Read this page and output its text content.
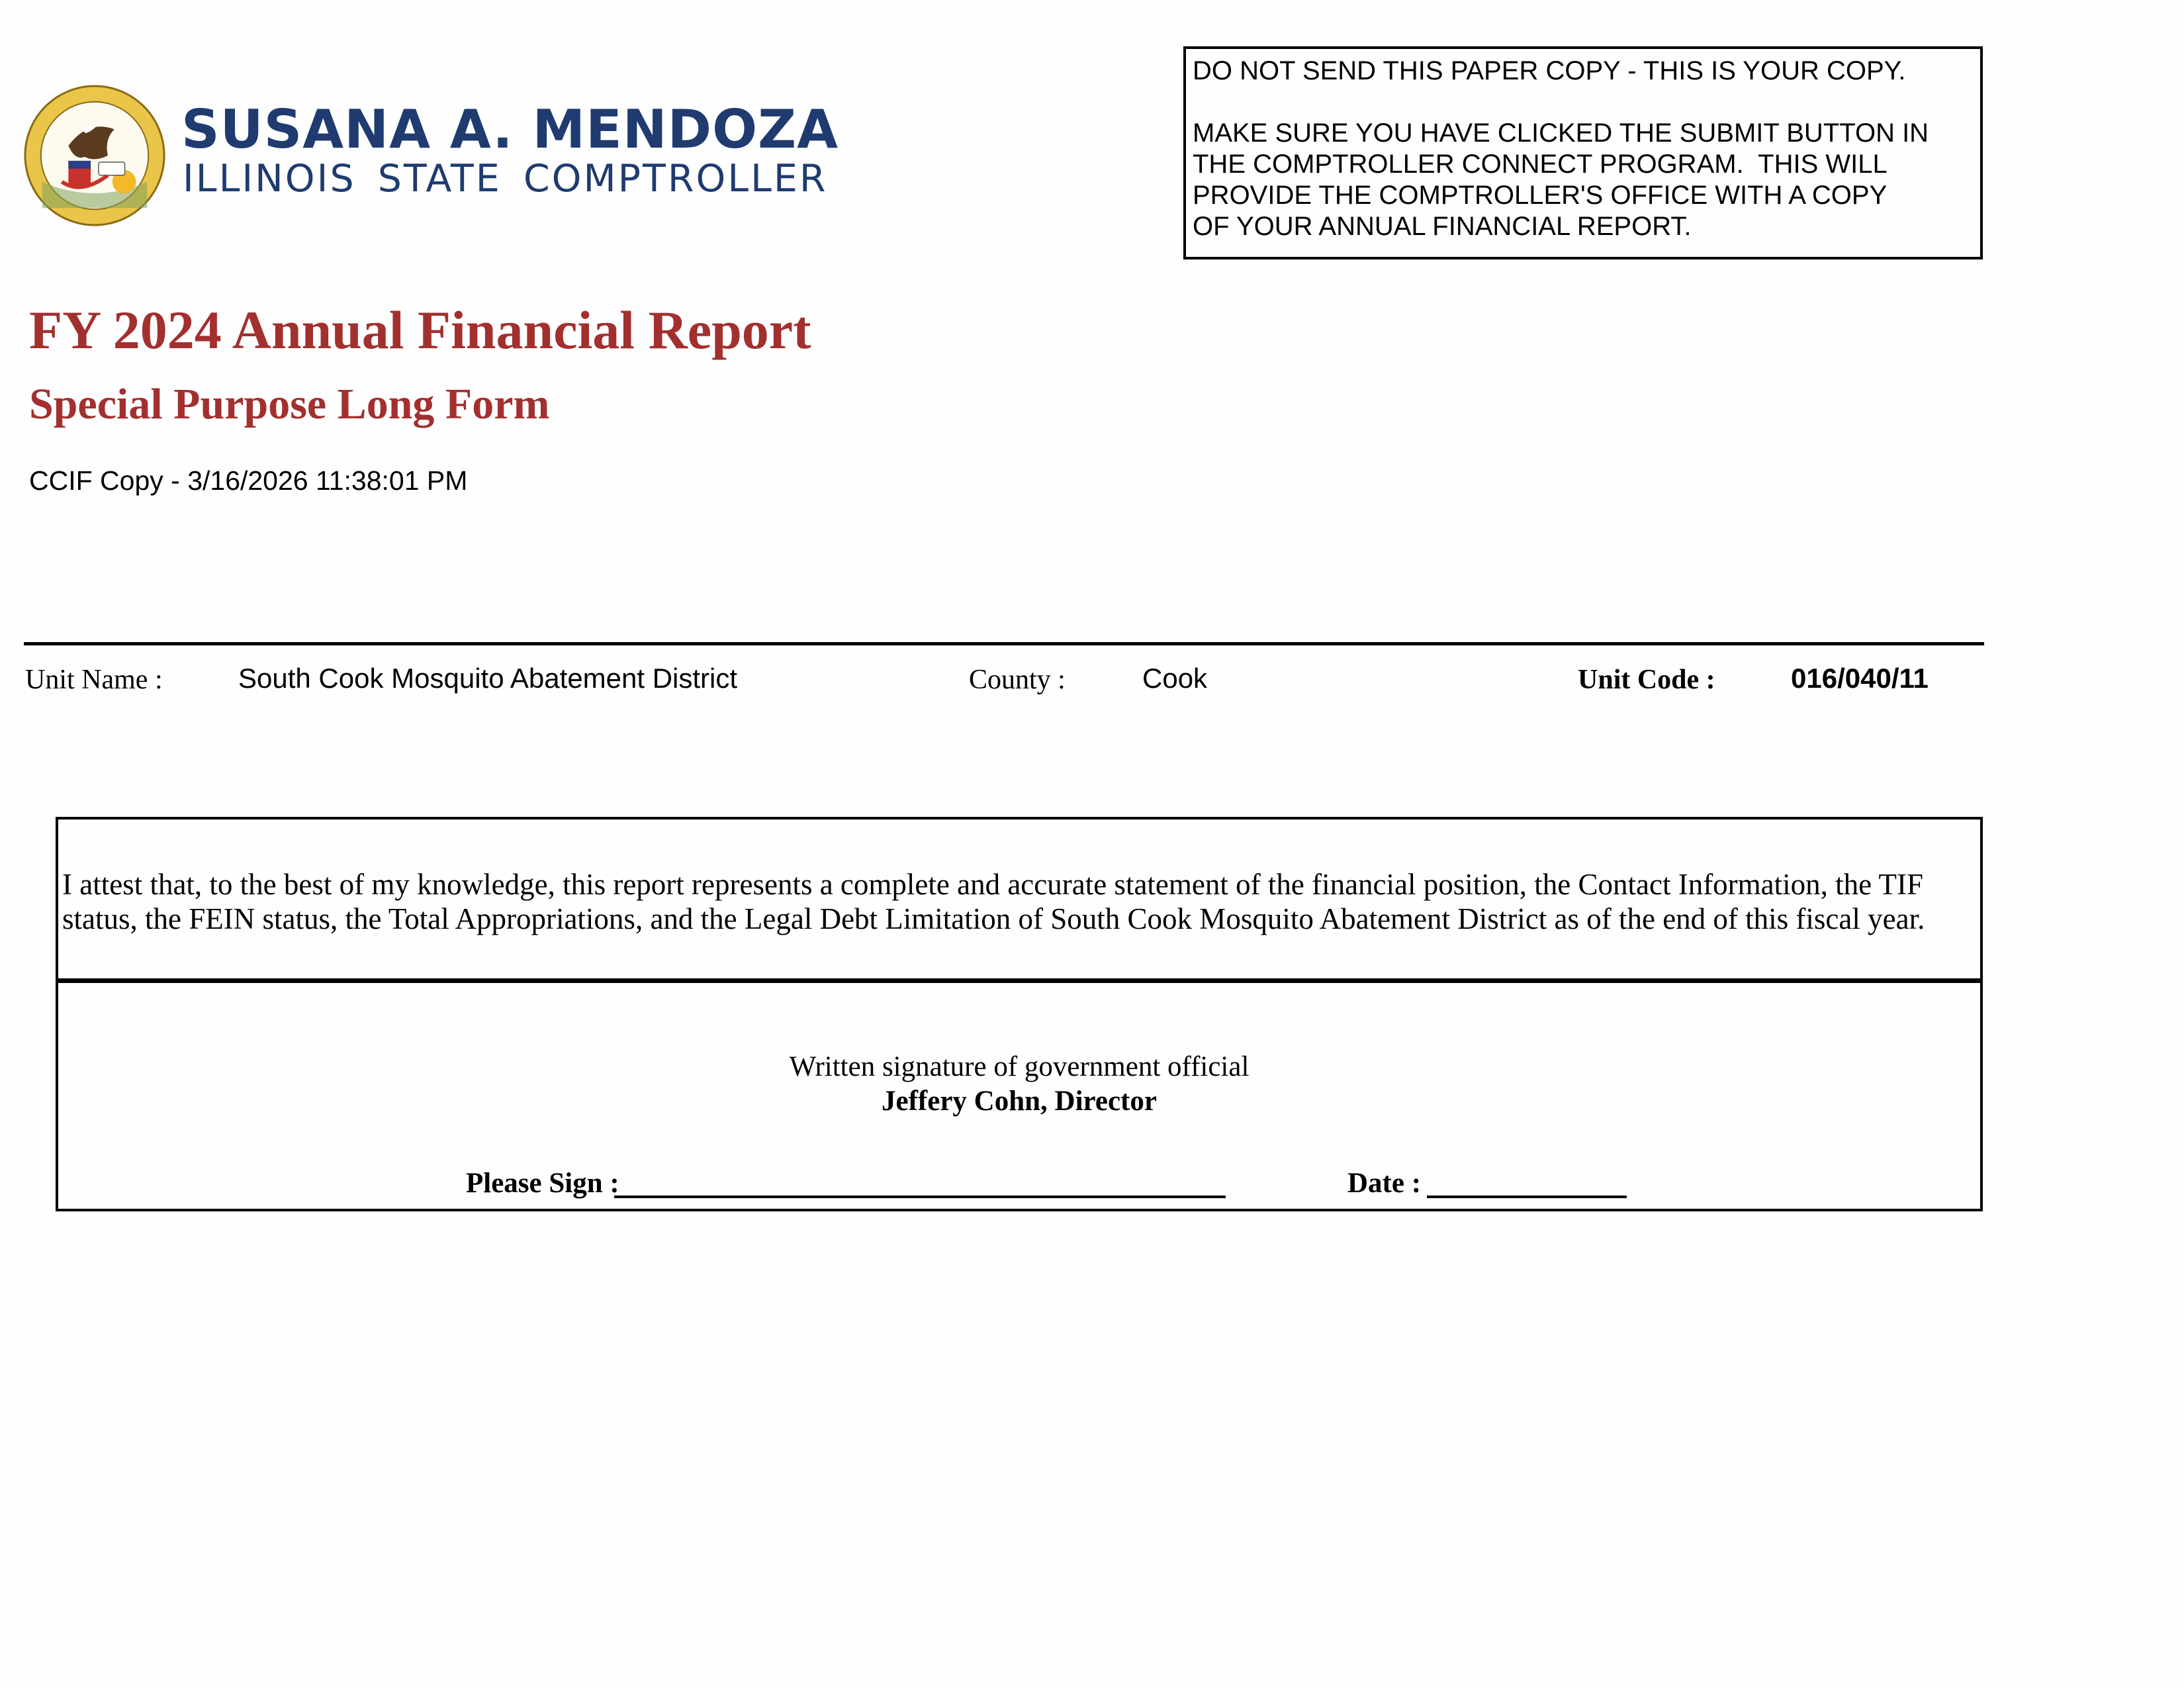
SUSANA A. MENDOZA
ILLINOIS STATE COMPTROLLER
DO NOT SEND THIS PAPER COPY - THIS IS YOUR COPY.

MAKE SURE YOU HAVE CLICKED THE SUBMIT BUTTON IN
THE COMPTROLLER CONNECT PROGRAM.  THIS WILL
PROVIDE THE COMPTROLLER'S OFFICE WITH A COPY
OF YOUR ANNUAL FINANCIAL REPORT.
FY 2024 Annual Financial Report
Special Purpose Long Form
CCIF Copy - 3/16/2026 11:38:01 PM
Unit Name :	South Cook Mosquito Abatement District	County :	Cook	Unit Code :	016/040/11
I attest that, to the best of my knowledge, this report represents a complete and accurate statement of the financial position, the Contact Information, the TIF
status, the FEIN status, the Total Appropriations, and the Legal Debt Limitation of South Cook Mosquito Abatement District as of the end of this fiscal year.
Written signature of government official
Jeffery Cohn, Director
Please Sign :	Date :
